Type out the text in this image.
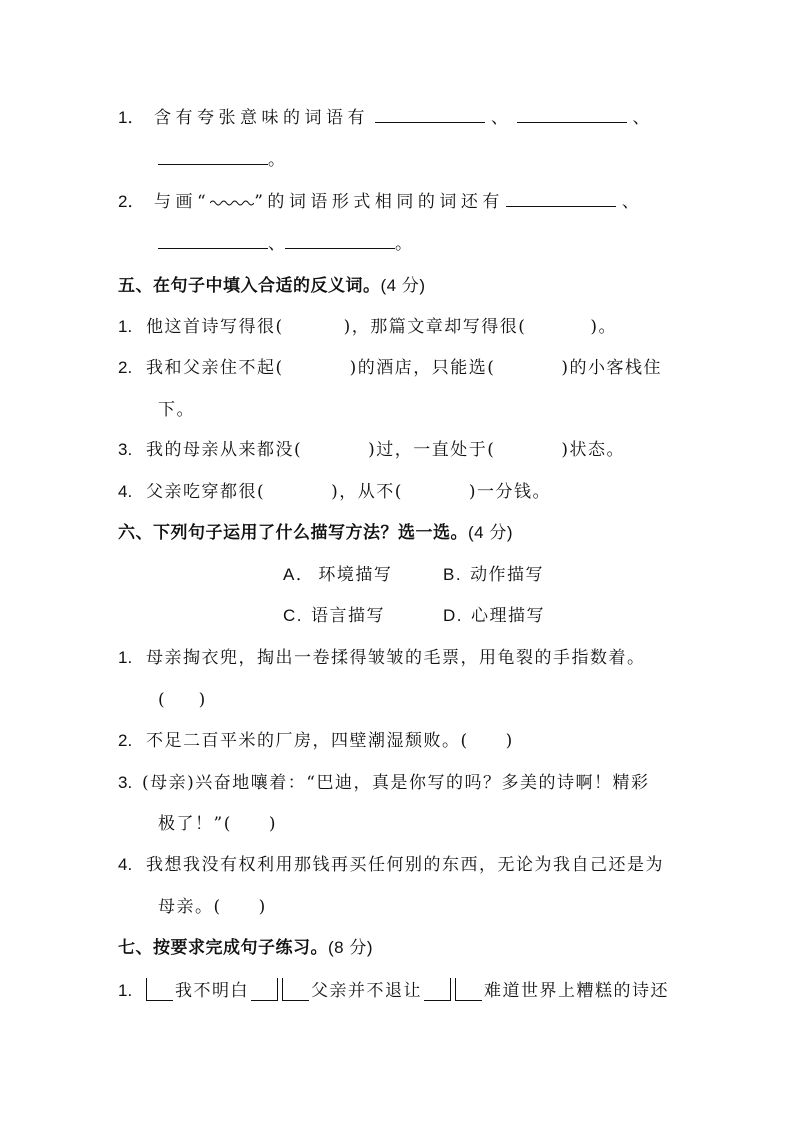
1． 含有夸张意味的词语有	、	、
。
2． 与画“	”的词语形式相同的词还有	、
、	。
五、在句子中填入合适的反义词。(4 分)
1. 他这首诗写得很(	)，那篇文章却写得很(	)。
2. 我和父亲住不起(	)的酒店，只能选(	)的小客栈住
下。
3. 我的母亲从来都没(	)过，一直处于(	)状态。
4. 父亲吃穿都很(	)，从不(	)一分钱。
六、下列句子运用了什么描写方法？选一选。(4 分)
A． 环境描写	B. 动作描写
C. 语言描写	D. 心理描写
1. 母亲掏衣兜，掏出一卷揉得皱皱的毛票，用龟裂的手指数着。
(　　)
2. 不足二百平米的厂房，四壁潮湿颓败。(　　)
3. (母亲)兴奋地嚷着：“巴迪，真是你写的吗？多美的诗啊！精彩
极了！”(　　)
4. 我想我没有权利用那钱再买任何别的东西，无论为我自己还是为
母亲。(　　)
七、按要求完成句子练习。(8 分)
1.	我不明白	父亲并不退让	难道世界上糟糕的诗还
